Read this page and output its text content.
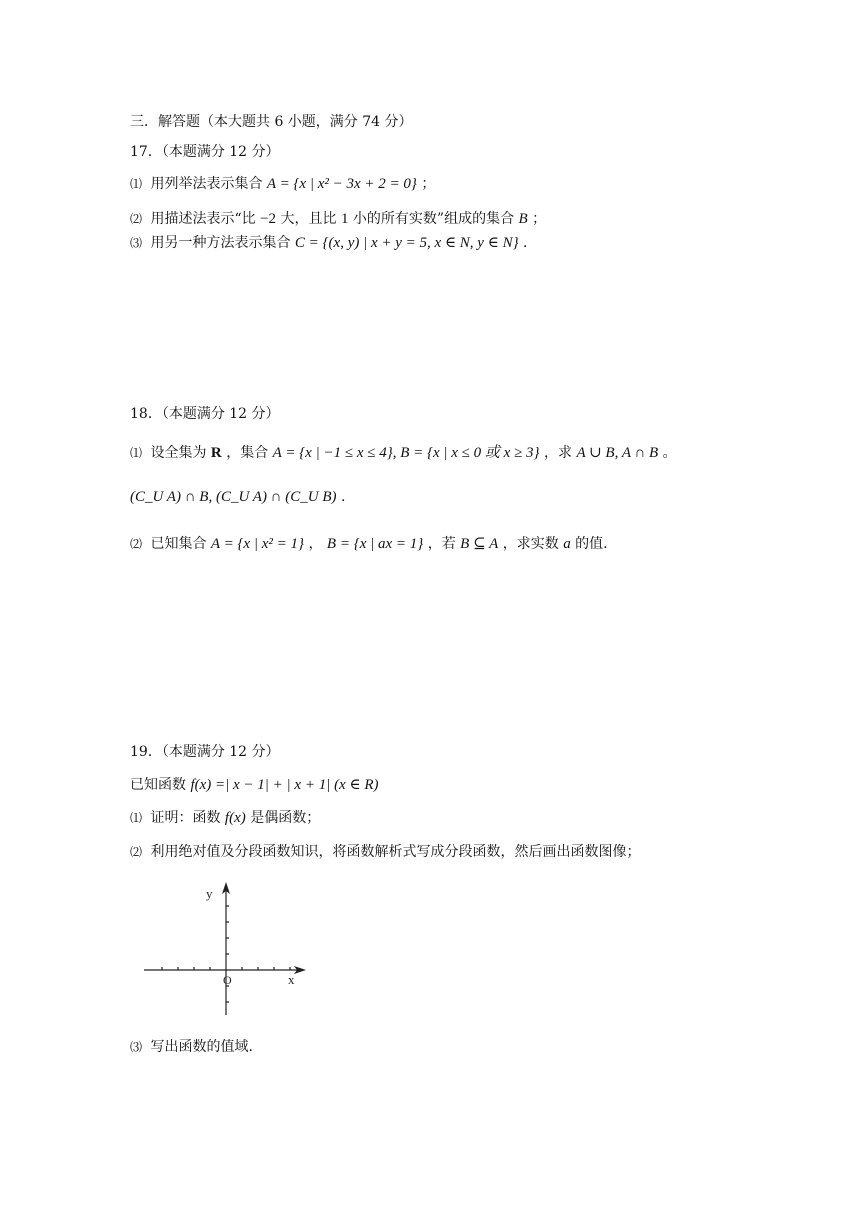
三．解答题（本大题共 6 小题，满分 74 分）
17．（本题满分 12 分）
⑴ 用列举法表示集合 A = {x | x² − 3x + 2 = 0} ；
⑵ 用描述法表示“比 −2 大，且比 1 小的所有实数”组成的集合 B ；
⑶ 用另一种方法表示集合 C = {(x, y) | x + y = 5, x ∈ N, y ∈ N} ．
18．（本题满分 12 分）
⑴ 设全集为 R ，集合 A = {x | −1 ≤ x ≤ 4}, B = {x | x ≤ 0 或 x ≥ 3} ，求 A ∪ B, A ∩ B 。
(C_U A) ∩ B, (C_U A) ∩ (C_U B) .
⑵ 已知集合 A = {x | x² = 1} ， B = {x | ax = 1} ，若 B ⊆ A ，求实数 a 的值.
19．（本题满分 12 分）
已知函数 f(x) =| x − 1| + | x + 1| (x ∈ R)
⑴ 证明：函数 f(x) 是偶函数；
⑵ 利用绝对值及分段函数知识，将函数解析式写成分段函数，然后画出函数图像；
y
x
O
⑶ 写出函数的值域.
